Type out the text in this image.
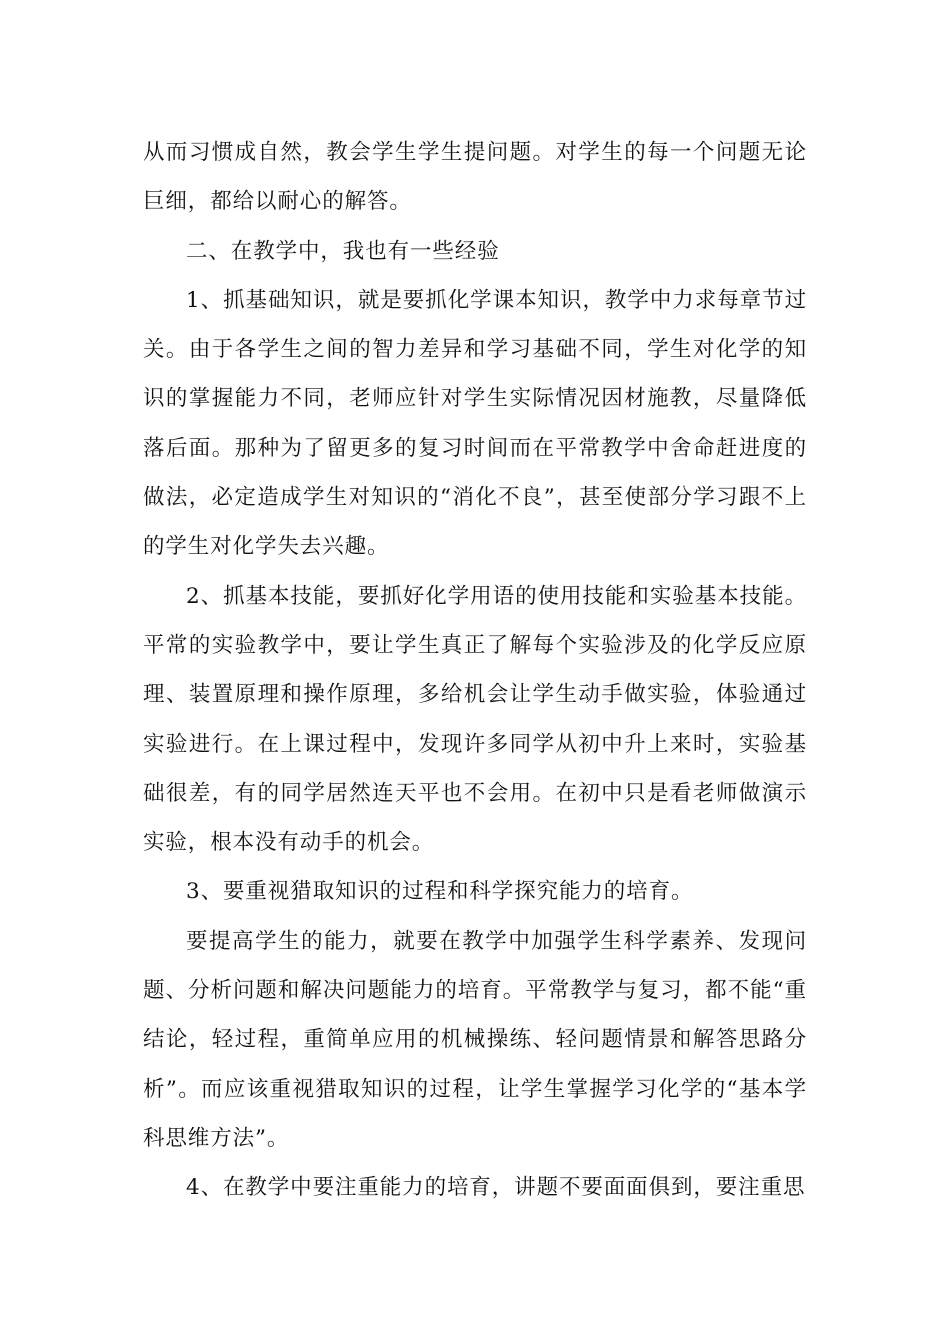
从而习惯成自然，教会学生学生提问题。对学生的每一个问题无论巨细，都给以耐心的解答。

二、在教学中，我也有一些经验

1、抓基础知识，就是要抓化学课本知识，教学中力求每章节过关。由于各学生之间的智力差异和学习基础不同，学生对化学的知识的掌握能力不同，老师应针对学生实际情况因材施教，尽量降低落后面。那种为了留更多的复习时间而在平常教学中舍命赶进度的做法，必定造成学生对知识的“消化不良”，甚至使部分学习跟不上的学生对化学失去兴趣。

2、抓基本技能，要抓好化学用语的使用技能和实验基本技能。平常的实验教学中，要让学生真正了解每个实验涉及的化学反应原理、装置原理和操作原理，多给机会让学生动手做实验，体验通过实验进行。在上课过程中，发现许多同学从初中升上来时，实验基础很差，有的同学居然连天平也不会用。在初中只是看老师做演示实验，根本没有动手的机会。

3、要重视猎取知识的过程和科学探究能力的培育。

要提高学生的能力，就要在教学中加强学生科学素养、发现问题、分析问题和解决问题能力的培育。平常教学与复习，都不能“重结论，轻过程，重简单应用的机械操练、轻问题情景和解答思路分析”。而应该重视猎取知识的过程，让学生掌握学习化学的“基本学科思维方法”。

4、在教学中要注重能力的培育，讲题不要面面俱到，要注重思
